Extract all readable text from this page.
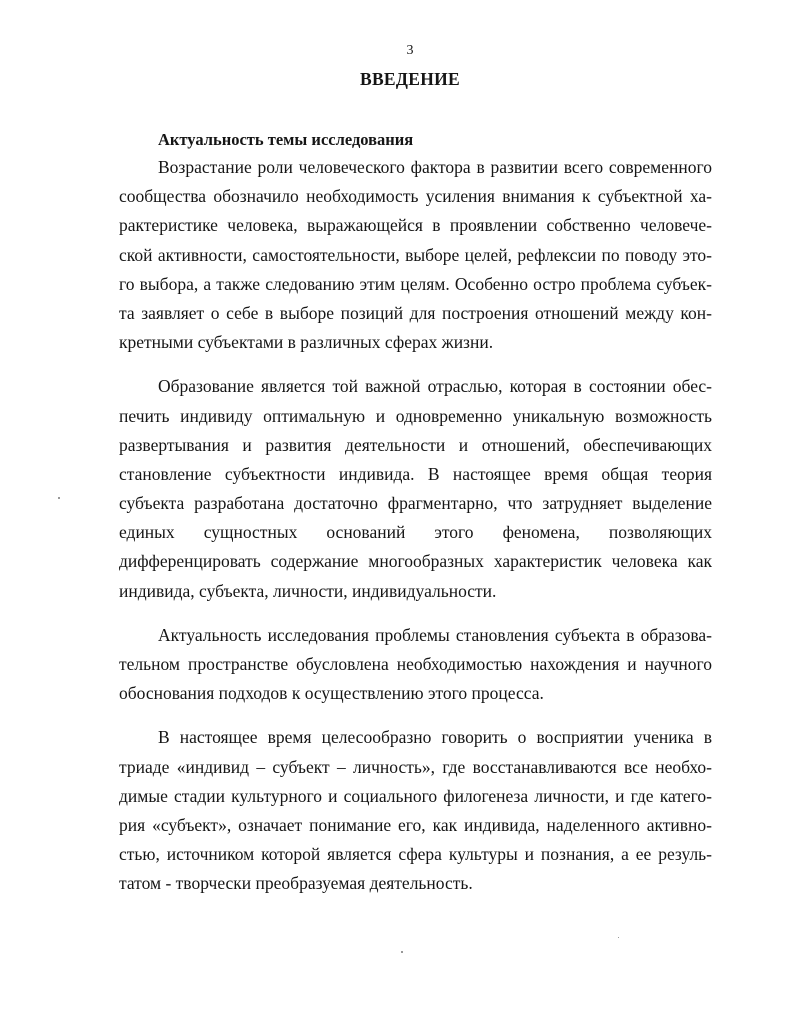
3
ВВЕДЕНИЕ
Актуальность темы исследования
Возрастание роли человеческого фактора в развитии всего современного
сообщества обозначило необходимость усиления внимания к субъектной ха-
рактеристике человека, выражающейся в проявлении собственно человече-
ской активности, самостоятельности, выборе целей, рефлексии по поводу это-
го выбора, а также следованию этим целям. Особенно остро проблема субъек-
та заявляет о себе в выборе позиций для построения отношений между кон-
кретными субъектами в различных сферах жизни.
Образование является той важной отраслью, которая в состоянии обес-
печить индивиду оптимальную и одновременно уникальную возможность
развертывания и развития деятельности и отношений, обеспечивающих
становление субъектности индивида. В настоящее время общая теория
субъекта разработана достаточно фрагментарно, что затрудняет выделение
единых сущностных оснований этого феномена, позволяющих
дифференцировать содержание многообразных характеристик человека как
индивида, субъекта, личности, индивидуальности.
Актуальность исследования проблемы становления субъекта в образова-
тельном пространстве обусловлена необходимостью нахождения и научного
обоснования подходов к осуществлению этого процесса.
В настоящее время целесообразно говорить о восприятии ученика в
триаде «индивид – субъект – личность», где восстанавливаются все необхо-
димые стадии культурного и социального филогенеза личности, и где катего-
рия «субъект», означает понимание его, как индивида, наделенного активно-
стью, источником которой является сфера культуры и познания, а ее резуль-
татом - творчески преобразуемая деятельность.
